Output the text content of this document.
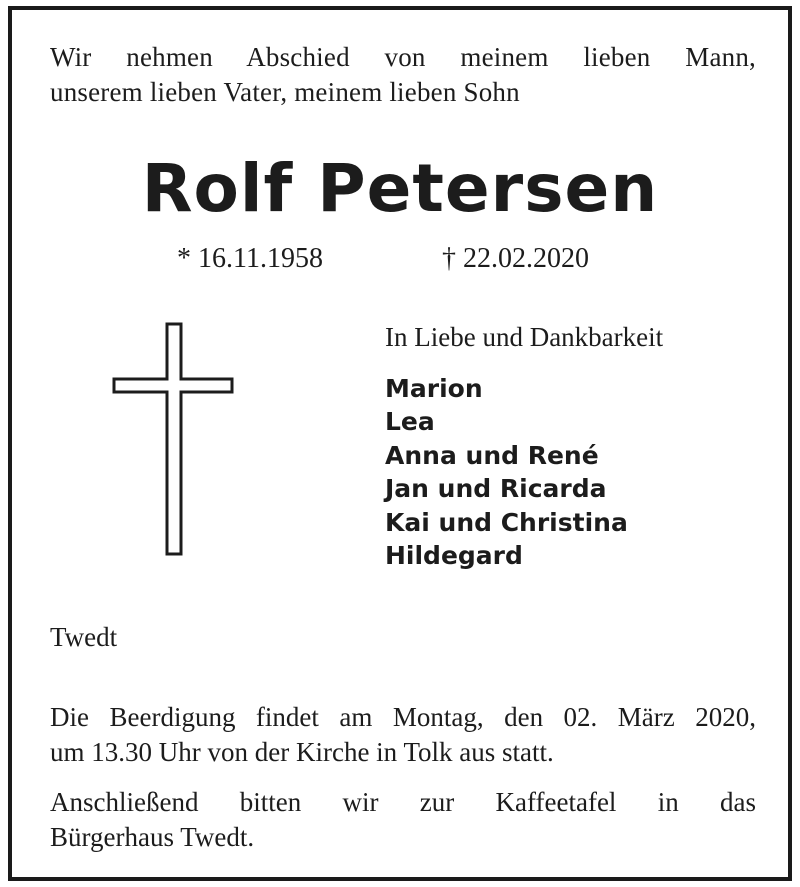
Wir nehmen Abschied von meinem lieben Mann,
unserem lieben Vater, meinem lieben Sohn
Rolf Petersen
* 16.11.1958	† 22.02.2020
In Liebe und Dankbarkeit
Marion
Lea
Anna und René
Jan und Ricarda
Kai und Christina
Hildegard
Twedt
Die Beerdigung findet am Montag, den 02. März 2020,
um 13.30 Uhr von der Kirche in Tolk aus statt.
Anschließend bitten wir zur Kaffeetafel in das
Bürgerhaus Twedt.
